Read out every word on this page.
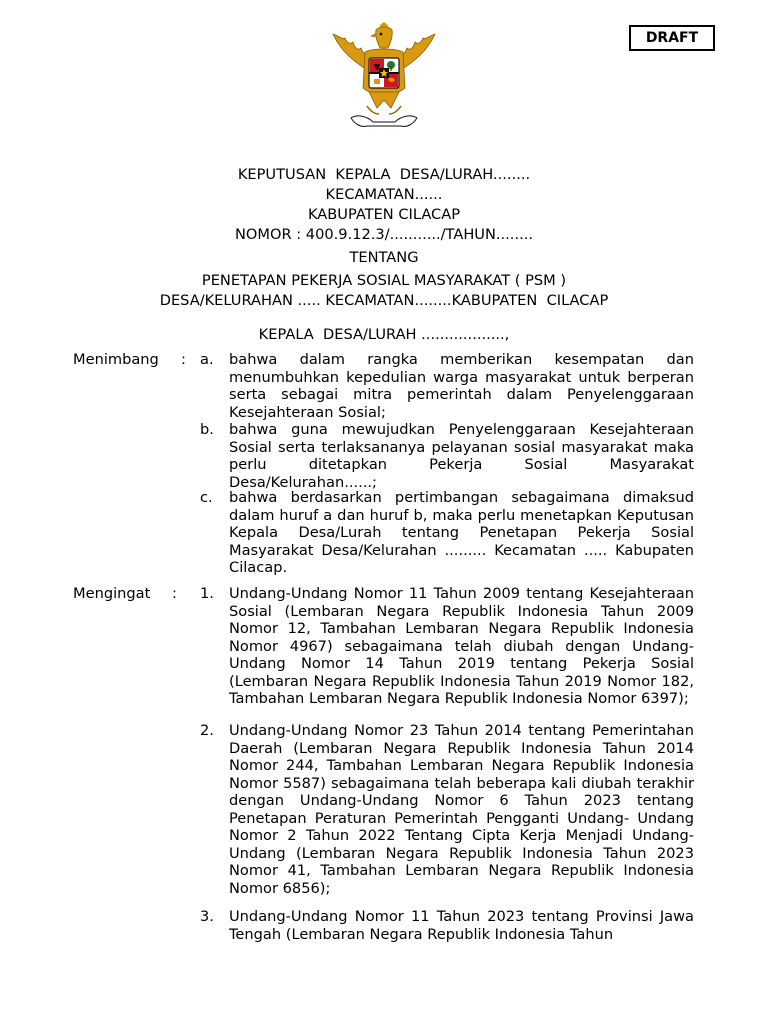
DRAFT
KEPUTUSAN  KEPALA  DESA/LURAH........
KECAMATAN......
KABUPATEN CILACAP
NOMOR : 400.9.12.3/.........../TAHUN........
TENTANG
PENETAPAN PEKERJA SOSIAL MASYARAKAT ( PSM )
DESA/KELURAHAN ..... KECAMATAN........KABUPATEN  CILACAP
KEPALA  DESA/LURAH ..................,
Menimbang : a. bahwa dalam rangka memberikan kesempatan dan menumbuhkan kepedulian warga masyarakat untuk berperan serta sebagai mitra pemerintah dalam Penyelenggaraan Kesejahteraan Sosial;
b. bahwa guna mewujudkan Penyelenggaraan Kesejahteraan Sosial serta terlaksananya pelayanan sosial masyarakat maka perlu ditetapkan Pekerja Sosial Masyarakat Desa/Kelurahan......;
c. bahwa berdasarkan pertimbangan sebagaimana dimaksud dalam huruf a dan huruf b, maka perlu menetapkan Keputusan Kepala Desa/Lurah tentang Penetapan Pekerja Sosial Masyarakat Desa/Kelurahan ......... Kecamatan ..... Kabupaten Cilacap.
Mengingat : 1. Undang-Undang Nomor 11 Tahun 2009 tentang Kesejahteraan Sosial (Lembaran Negara Republik Indonesia Tahun 2009 Nomor 12, Tambahan Lembaran Negara Republik Indonesia Nomor 4967) sebagaimana telah diubah dengan Undang-Undang Nomor 14 Tahun 2019 tentang Pekerja Sosial (Lembaran Negara Republik Indonesia Tahun 2019 Nomor 182, Tambahan Lembaran Negara Republik Indonesia Nomor 6397);
2. Undang-Undang Nomor 23 Tahun 2014 tentang Pemerintahan Daerah (Lembaran Negara Republik Indonesia Tahun 2014 Nomor 244, Tambahan Lembaran Negara Republik Indonesia Nomor 5587) sebagaimana telah beberapa kali diubah terakhir dengan Undang-Undang Nomor 6 Tahun 2023 tentang Penetapan Peraturan Pemerintah Pengganti Undang- Undang Nomor 2 Tahun 2022 Tentang Cipta Kerja Menjadi Undang-Undang (Lembaran Negara Republik Indonesia Tahun 2023 Nomor 41, Tambahan Lembaran Negara Republik Indonesia Nomor 6856);
3. Undang-Undang Nomor 11 Tahun 2023 tentang Provinsi Jawa Tengah (Lembaran Negara Republik Indonesia Tahun
